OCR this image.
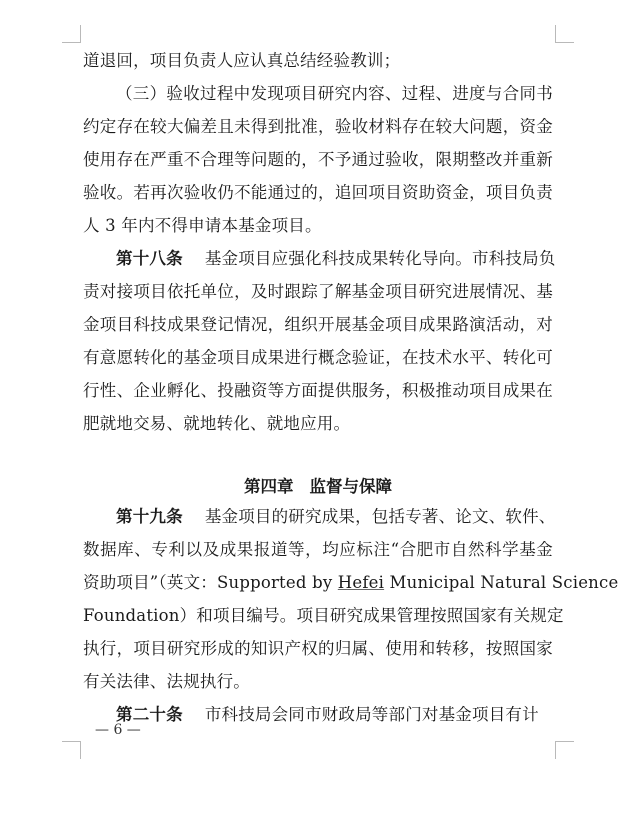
道退回，项目负责人应认真总结经验教训；
（三）验收过程中发现项目研究内容、过程、进度与合同书
约定存在较大偏差且未得到批准，验收材料存在较大问题，资金
使用存在严重不合理等问题的，不予通过验收，限期整改并重新
验收。若再次验收仍不能通过的，追回项目资助资金，项目负责
人 3 年内不得申请本基金项目。
第十八条 基金项目应强化科技成果转化导向。市科技局负
责对接项目依托单位，及时跟踪了解基金项目研究进展情况、基
金项目科技成果登记情况，组织开展基金项目成果路演活动，对
有意愿转化的基金项目成果进行概念验证，在技术水平、转化可
行性、企业孵化、投融资等方面提供服务，积极推动项目成果在
肥就地交易、就地转化、就地应用。
第四章 监督与保障
第十九条 基金项目的研究成果，包括专著、论文、软件、
数据库、专利以及成果报道等，均应标注“合肥市自然科学基金
资助项目”（英文：Supported by Hefei Municipal Natural Science
Foundation）和项目编号。项目研究成果管理按照国家有关规定
执行，项目研究形成的知识产权的归属、使用和转移，按照国家
有关法律、法规执行。
第二十条 市科技局会同市财政局等部门对基金项目有计
— 6 —
